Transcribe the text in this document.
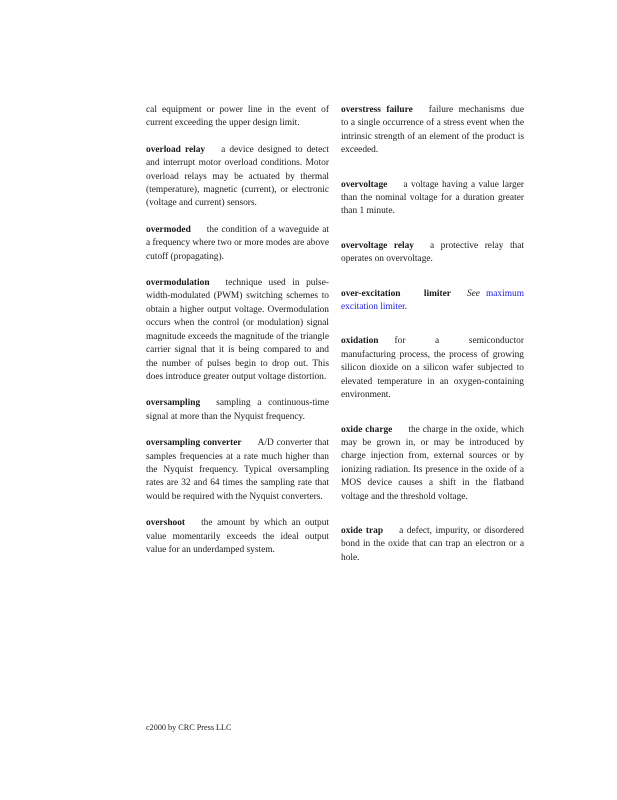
cal equipment or power line in the event of current exceeding the upper design limit.

overload relay a device designed to detect and interrupt motor overload conditions. Motor overload relays may be actuated by thermal (temperature), magnetic (current), or electronic (voltage and current) sensors.

overmoded the condition of a waveguide at a frequency where two or more modes are above cutoff (propagating).

overmodulation technique used in pulse-width-modulated (PWM) switching schemes to obtain a higher output voltage. Overmodulation occurs when the control (or modulation) signal magnitude exceeds the magnitude of the triangle carrier signal that it is being compared to and the number of pulses begin to drop out. This does introduce greater output voltage distortion.

oversampling sampling a continuous-time signal at more than the Nyquist frequency.

oversampling converter A/D converter that samples frequencies at a rate much higher than the Nyquist frequency. Typical oversampling rates are 32 and 64 times the sampling rate that would be required with the Nyquist converters.

overshoot the amount by which an output value momentarily exceeds the ideal output value for an underdamped system.

overstress failure failure mechanisms due to a single occurrence of a stress event when the intrinsic strength of an element of the product is exceeded.

overvoltage a voltage having a value larger than the nominal voltage for a duration greater than 1 minute.

overvoltage relay a protective relay that operates on overvoltage.

over-excitation limiter See maximum excitation limiter.

oxidation for a semiconductor manufacturing process, the process of growing silicon dioxide on a silicon wafer subjected to elevated temperature in an oxygen-containing environment.

oxide charge the charge in the oxide, which may be grown in, or may be introduced by charge injection from, external sources or by ionizing radiation. Its presence in the oxide of a MOS device causes a shift in the flatband voltage and the threshold voltage.

oxide trap a defect, impurity, or disordered bond in the oxide that can trap an electron or a hole.

c2000 by CRC Press LLC
